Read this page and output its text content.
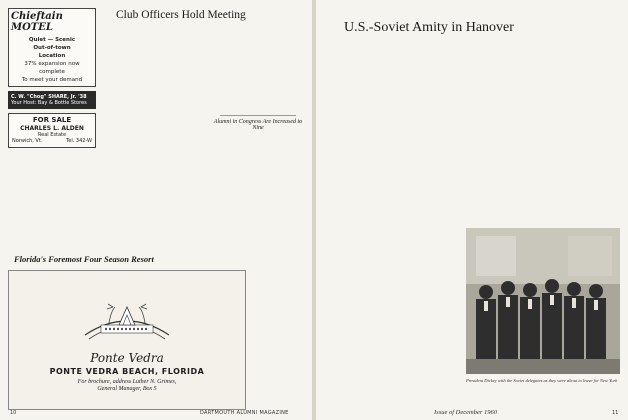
Chieftain MOTEL
Quiet — Scenic
Out-of-town
Location
37% expansion now complete
To meet your demand
C. W. "Chog" SHARE, Jr. '38
Your Host: Bay & Bottle Stores
FOR SALE
CHARLES L. ALDEN
Real Estate
Norwich, Vt.	Tel. 342-W
Club Officers Hold Meeting
Alumni in Congress Are Increased to Nine
Florida's Foremost Four Season Resort
Ponte Vedra
PONTE VEDRA BEACH, FLORIDA
For brochure, address Luther N. Grimes,
General Manager, Box 5
10	DARTMOUTH ALUMNI MAGAZINE
U.S.-Soviet Amity in Hanover
President Dickey with the Soviet delegates as they were about to leave for New York
Issue of December 1960	11
